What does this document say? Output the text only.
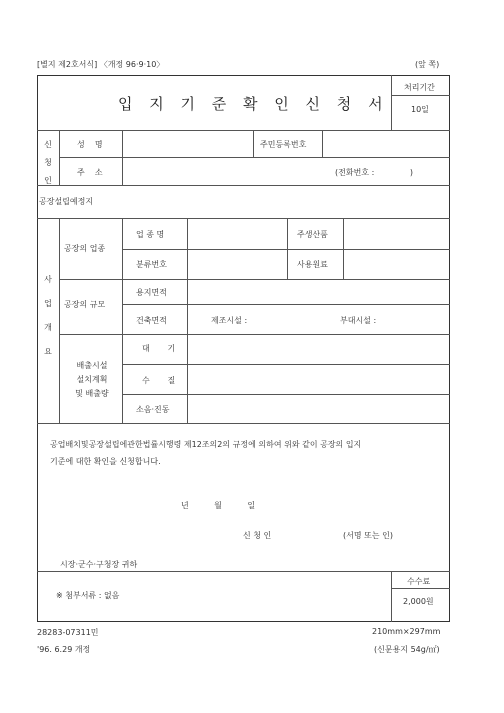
[별지 제2호서식] 〈개정 96·9·10〉	(앞 쪽)
입 지 기 준 확 인 신 청 서
처리기간
10일
신
청
인
성    명	주민등록번호
주    소	(전화번호 :              )
공장설립예정지
사
업
개
요
공장의 업종
업 종 명	주생산품
분류번호	사용원료
공장의 규모
용지면적
건축면적	제조시설 :	부대시설 :
배출시설
설치계획
및 배출량
대       기
수       질
소음·진동
공업배치및공장설립에관한법률시행령 제12조의2의 규정에 의하여 위와 같이 공장의 입지
기준에 대한 확인을 신청합니다.
년          월          일
신 청 인	(서명 또는 인)
시장·군수·구청장 귀하
※ 첨부서류 : 없음
수수료
2,000원
28283-07311민	210mm×297mm
'96. 6.29 개정	(신문용지 54g/㎡)
